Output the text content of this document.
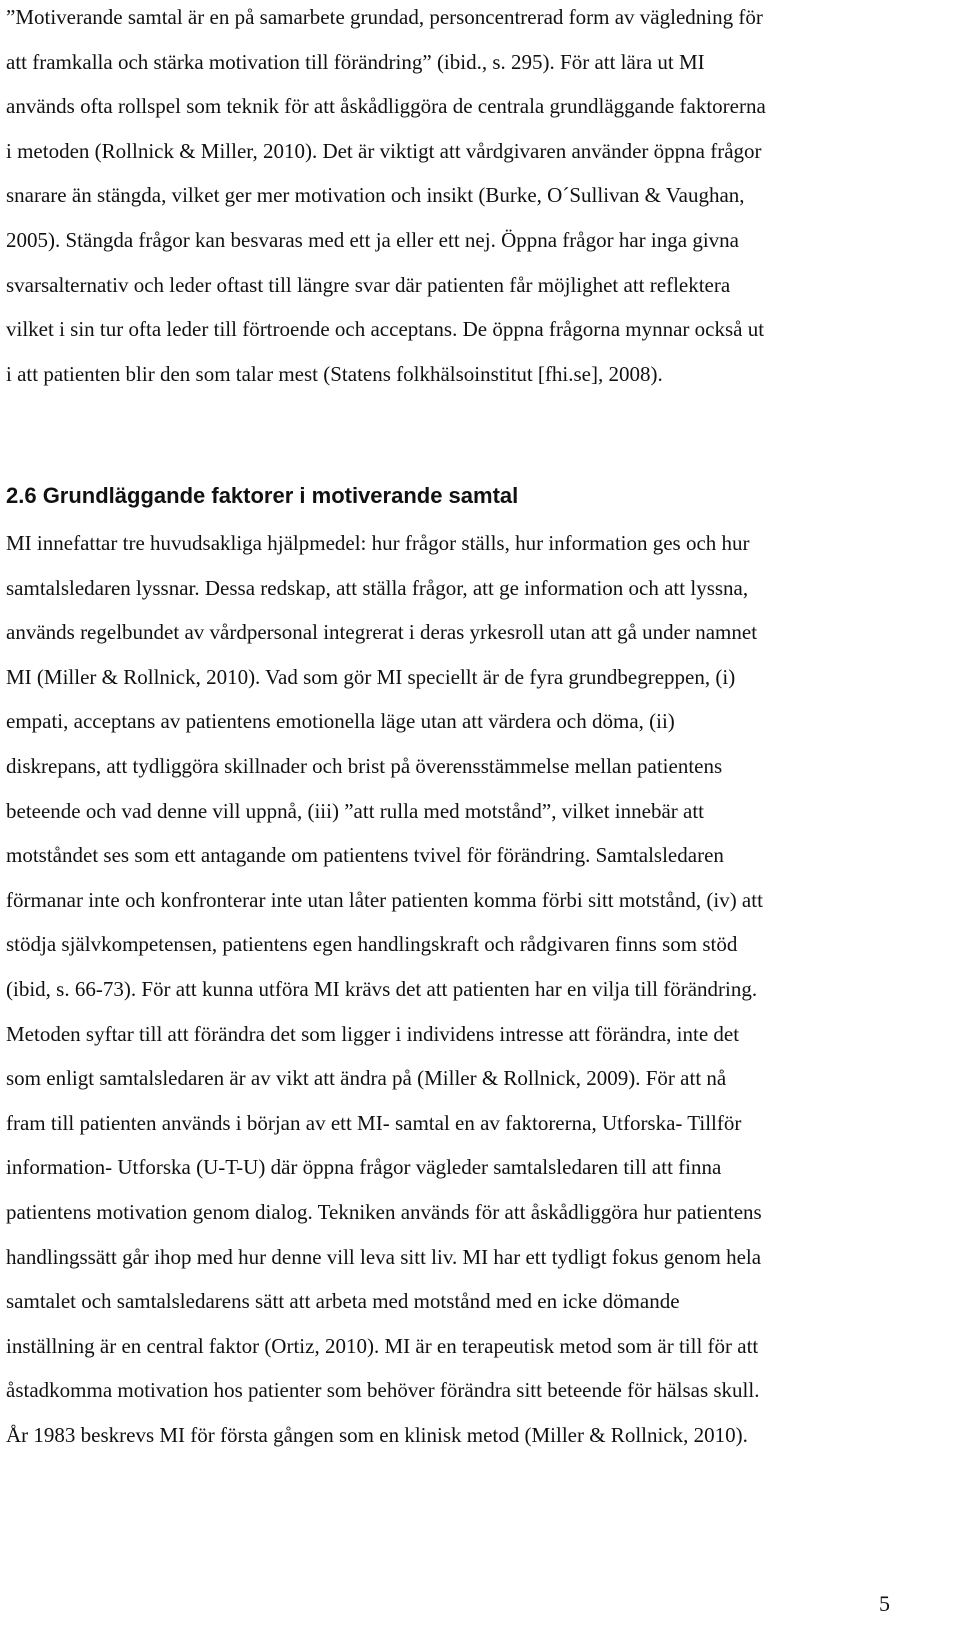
”Motiverande samtal är en på samarbete grundad, personcentrerad form av vägledning för
att framkalla och stärka motivation till förändring” (ibid., s. 295). För att lära ut MI
används ofta rollspel som teknik för att åskådliggöra de centrala grundläggande faktorerna
i metoden (Rollnick & Miller, 2010). Det är viktigt att vårdgivaren använder öppna frågor
snarare än stängda, vilket ger mer motivation och insikt (Burke, O´Sullivan & Vaughan,
2005). Stängda frågor kan besvaras med ett ja eller ett nej. Öppna frågor har inga givna
svarsalternativ och leder oftast till längre svar där patienten får möjlighet att reflektera
vilket i sin tur ofta leder till förtroende och acceptans. De öppna frågorna mynnar också ut
i att patienten blir den som talar mest (Statens folkhälsoinstitut [fhi.se], 2008).

2.6 Grundläggande faktorer i motiverande samtal

MI innefattar tre huvudsakliga hjälpmedel: hur frågor ställs, hur information ges och hur
samtalsledaren lyssnar. Dessa redskap, att ställa frågor, att ge information och att lyssna,
används regelbundet av vårdpersonal integrerat i deras yrkesroll utan att gå under namnet
MI (Miller & Rollnick, 2010). Vad som gör MI speciellt är de fyra grundbegreppen, (i)
empati, acceptans av patientens emotionella läge utan att värdera och döma, (ii)
diskrepans, att tydliggöra skillnader och brist på överensstämmelse mellan patientens
beteende och vad denne vill uppnå, (iii) ”att rulla med motstånd”, vilket innebär att
motståndet ses som ett antagande om patientens tvivel för förändring. Samtalsledaren
förmanar inte och konfronterar inte utan låter patienten komma förbi sitt motstånd, (iv) att
stödja självkompetensen, patientens egen handlingskraft och rådgivaren finns som stöd
(ibid, s. 66-73). För att kunna utföra MI krävs det att patienten har en vilja till förändring.
Metoden syftar till att förändra det som ligger i individens intresse att förändra, inte det
som enligt samtalsledaren är av vikt att ändra på (Miller & Rollnick, 2009). För att nå
fram till patienten används i början av ett MI- samtal en av faktorerna, Utforska- Tillför
information- Utforska (U-T-U) där öppna frågor vägleder samtalsledaren till att finna
patientens motivation genom dialog. Tekniken används för att åskådliggöra hur patientens
handlingssätt går ihop med hur denne vill leva sitt liv. MI har ett tydligt fokus genom hela
samtalet och samtalsledarens sätt att arbeta med motstånd med en icke dömande
inställning är en central faktor (Ortiz, 2010). MI är en terapeutisk metod som är till för att
åstadkomma motivation hos patienter som behöver förändra sitt beteende för hälsas skull.
År 1983 beskrevs MI för första gången som en klinisk metod (Miller & Rollnick, 2010).

5
